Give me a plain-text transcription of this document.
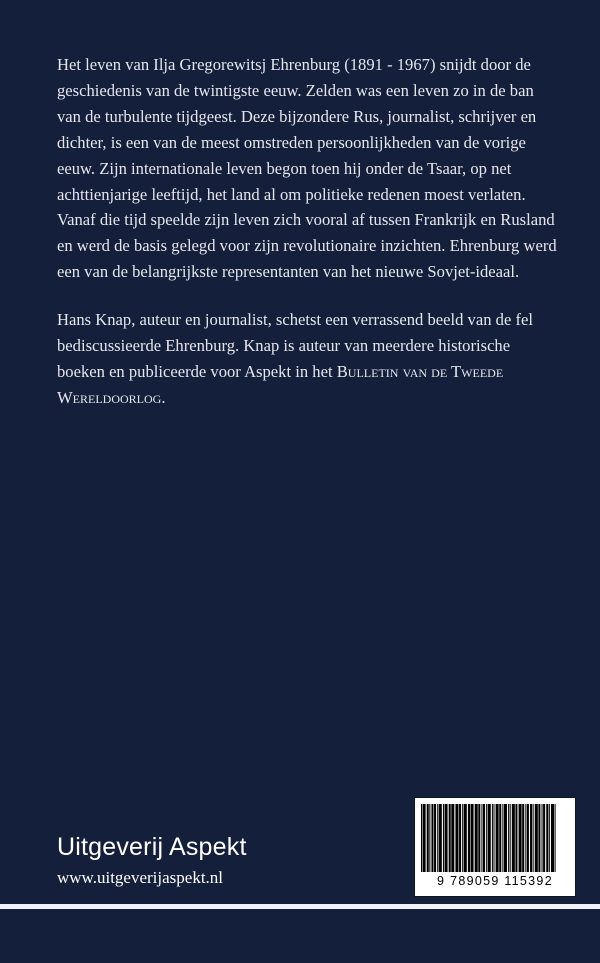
Het leven van Ilja Gregorewitsj Ehrenburg (1891 - 1967) snijdt door de geschiedenis van de twintigste eeuw. Zelden was een leven zo in de ban van de turbulente tijdgeest. Deze bijzondere Rus, journalist, schrijver en dichter, is een van de meest omstreden persoonlijkheden van de vorige eeuw. Zijn internationale leven begon toen hij onder de Tsaar, op net achttienjarige leeftijd, het land al om politieke redenen moest verlaten. Vanaf die tijd speelde zijn leven zich vooral af tussen Frankrijk en Rusland en werd de basis gelegd voor zijn revolutionaire inzichten. Ehrenburg werd een van de belangrijkste representanten van het nieuwe Sovjet-ideaal.

Hans Knap, auteur en journalist, schetst een verrassend beeld van de fel bediscussieerde Ehrenburg. Knap is auteur van meerdere historische boeken en publiceerde voor Aspekt in het Bulletin van de Tweede Wereldoorlog.

Uitgeverij Aspekt
www.uitgeverijaspekt.nl	9 789059 115392
